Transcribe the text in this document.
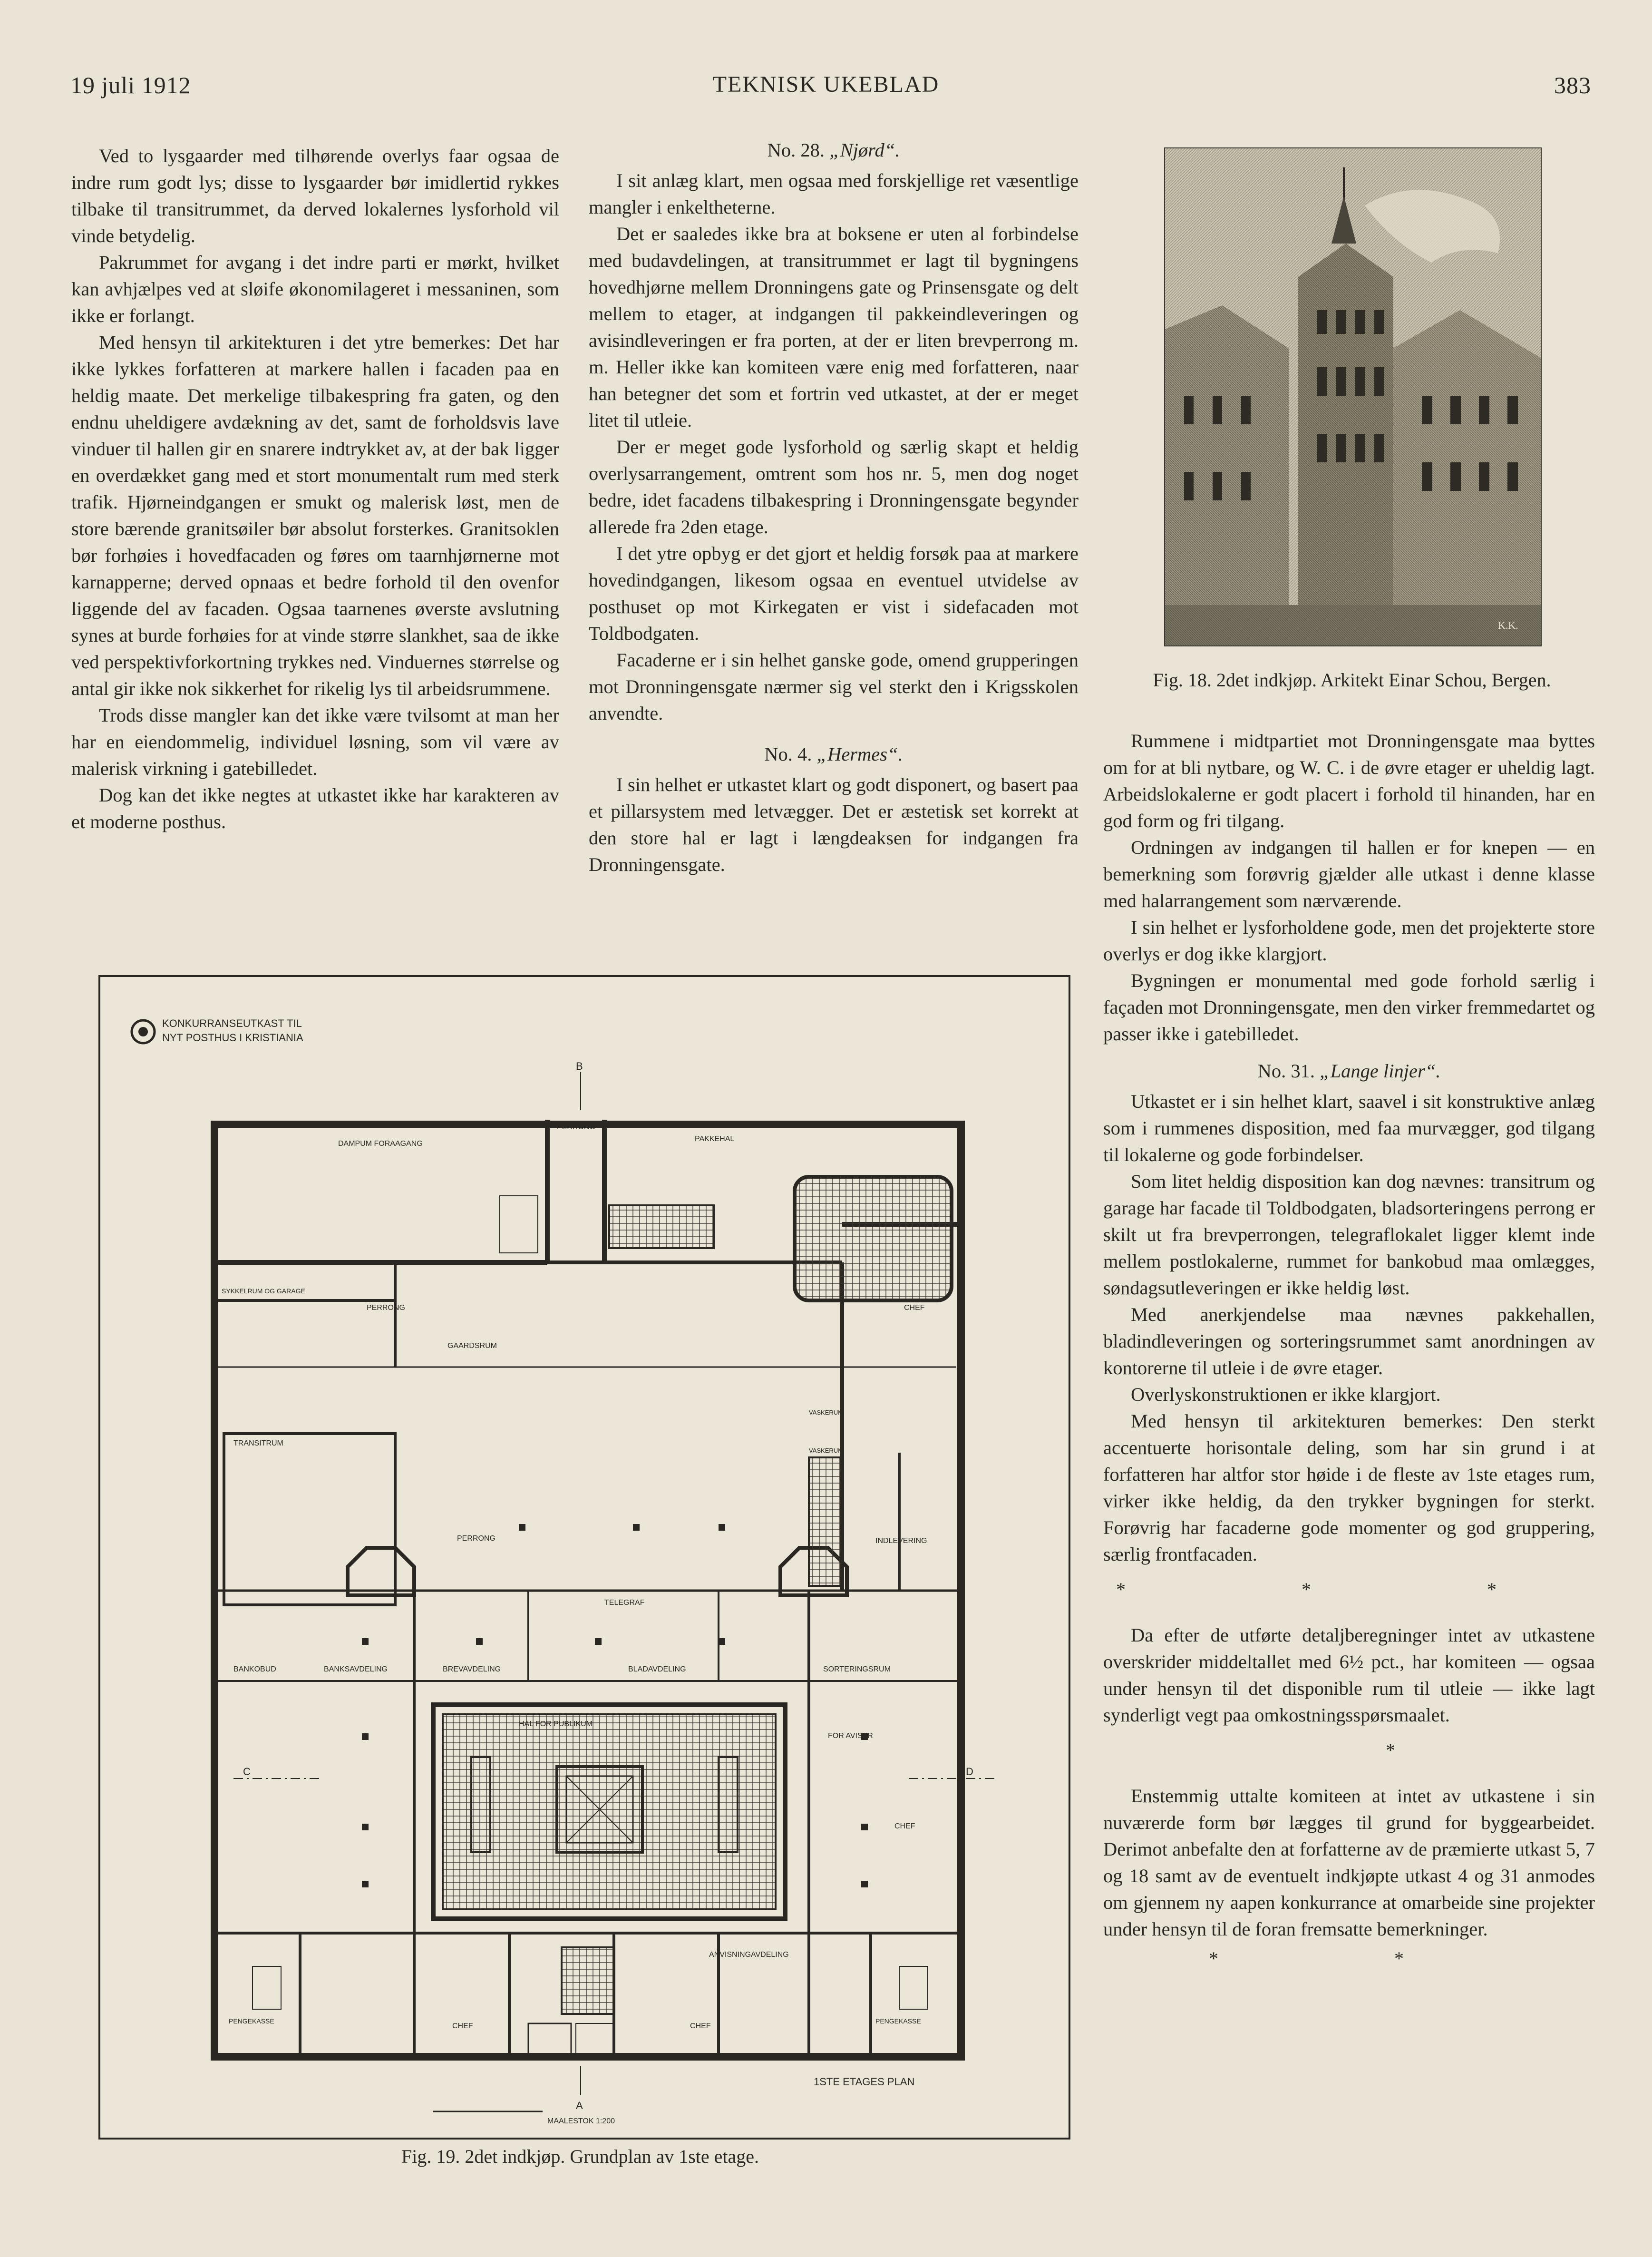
19 juli 1912	TEKNISK UKEBLAD	383

Ved to lysgaarder med tilhørende overlys faar ogsaa de indre rum godt lys; disse to lysgaarder bør imidlertid rykkes tilbake til transitrummet, da derved lokalernes lysforhold vil vinde betydelig.

Pakrummet for avgang i det indre parti er mørkt, hvilket kan avhjælpes ved at sløife økonomilageret i messaninen, som ikke er forlangt.

Med hensyn til arkitekturen i det ytre bemerkes: Det har ikke lykkes forfatteren at markere hallen i facaden paa en heldig maate. Det merkelige tilbakespring fra gaten, og den endnu uheldigere avdækning av det, samt de forholdsvis lave vinduer til hallen gir en snarere indtrykket av, at der bak ligger en overdækket gang med et stort monumentalt rum med sterk trafik. Hjørneindgangen er smukt og malerisk løst, men de store bærende granitsøiler bør absolut forsterkes. Granitsoklen bør forhøies i hovedfacaden og føres om taarnhjørnerne mot karnapperne; derved opnaas et bedre forhold til den ovenfor liggende del av facaden. Ogsaa taarnenes øverste avslutning synes at burde forhøies for at vinde større slankhet, saa de ikke ved perspektivforkortning trykkes ned. Vinduernes størrelse og antal gir ikke nok sikkerhet for rikelig lys til arbeidsrummene.

Trods disse mangler kan det ikke være tvilsomt at man her har en eiendommelig, individuel løsning, som vil være av malerisk virkning i gatebilledet.

Dog kan det ikke negtes at utkastet ikke har karakteren av et moderne posthus.

No. 28. „Njørd“.

I sit anlæg klart, men ogsaa med forskjellige ret væsentlige mangler i enkeltheterne.

Det er saaledes ikke bra at boksene er uten al forbindelse med budavdelingen, at transitrummet er lagt til bygningens hovedhjørne mellem Dronningens gate og Prinsensgate og delt mellem to etager, at indgangen til pakkeindleveringen og avisindleveringen er fra porten, at der er liten brevperrong m. m. Heller ikke kan komiteen være enig med forfatteren, naar han betegner det som et fortrin ved utkastet, at der er meget litet til utleie.

Der er meget gode lysforhold og særlig skapt et heldig overlysarrangement, omtrent som hos nr. 5, men dog noget bedre, idet facadens tilbakespring i Dronningensgate begynder allerede fra 2den etage.

I det ytre opbyg er det gjort et heldig forsøk paa at markere hovedindgangen, likesom ogsaa en eventuel utvidelse av posthuset op mot Kirkegaten er vist i sidefacaden mot Toldbodgaten.

Facaderne er i sin helhet ganske gode, omend grupperingen mot Dronningensgate nærmer sig vel sterkt den i Krigsskolen anvendte.

No. 4. „Hermes“.

I sin helhet er utkastet klart og godt disponert, og basert paa et pillarsystem med letvægger. Det er æstetisk set korrekt at den store hal er lagt i længdeaksen for indgangen fra Dronningensgate.

K.K.
Fig. 18. 2det indkjøp. Arkitekt Einar Schou, Bergen.

Rummene i midtpartiet mot Dronningensgate maa byttes om for at bli nytbare, og W. C. i de øvre etager er uheldig lagt. Arbeidslokalerne er godt placert i forhold til hinanden, har en god form og fri tilgang.

Ordningen av indgangen til hallen er for knepen — en bemerkning som forøvrig gjælder alle utkast i denne klasse med halarrangement som nærværende.

I sin helhet er lysforholdene gode, men det projekterte store overlys er dog ikke klargjort.

Bygningen er monumental med gode forhold særlig i façaden mot Dronningensgate, men den virker fremmedartet og passer ikke i gatebilledet.

No. 31. „Lange linjer“.

Utkastet er i sin helhet klart, saavel i sit konstruktive anlæg som i rummenes disposition, med faa murvægger, god tilgang til lokalerne og gode forbindelser.

Som litet heldig disposition kan dog nævnes: transitrum og garage har facade til Toldbodgaten, bladsorteringens perrong er skilt ut fra brevperrongen, telegraflokalet ligger klemt inde mellem postlokalerne, rummet for bankobud maa omlægges, søndagsutleveringen er ikke heldig løst.

Med anerkjendelse maa nævnes pakkehallen, bladindleveringen og sorteringsrummet samt anordningen av kontorerne til utleie i de øvre etager.

Overlyskonstruktionen er ikke klargjort.

Med hensyn til arkitekturen bemerkes: Den sterkt accentuerte horisontale deling, som har sin grund i at forfatteren har altfor stor høide i de fleste av 1ste etages rum, virker ikke heldig, da den trykker bygningen for sterkt. Forøvrig har facaderne gode momenter og god gruppering, særlig frontfacaden.

* * *

Da efter de utførte detaljberegninger intet av utkastene overskrider middeltallet med 6½ pct., har komiteen — ogsaa under hensyn til det disponible rum til utleie — ikke lagt synderligt vegt paa omkostningsspørsmaalet.

*

Enstemmig uttalte komiteen at intet av utkastene i sin nuværerde form bør lægges til grund for byggearbeidet. Derimot anbefalte den at forfatterne av de præmierte utkast 5, 7 og 18 samt av de eventuelt indkjøpte utkast 4 og 31 anmodes om gjennem ny aapen konkurrance at omarbeide sine projekter under hensyn til de foran fremsatte bemerkninger.

* *
KONKURRANSEUTKAST TIL
NYT POSTHUS I KRISTIANIA
DAMPUM FORAAGANG
PAKKEHAL
PERRONG
SYKKELRUM OG GARAGE
PERRONG
GAARDSRUM
CHEF
TRANSITRUM
PERRONG
VASKERUM
VASKERUM
INDLEVERING
TELEGRAF
BANKOBUD	BANKSAVDELING	BREVAVDELING	BLADAVDELING	SORTERINGSRUM
FOR AVISER
HAL FOR PUBLIKUM
CHEF
ANVISNINGAVDELING
CHEF	CHEF
PENGEKASSE	PENGEKASSE
C	D
B
A
1STE ETAGES PLAN
MAALESTOK 1:200
Fig. 19. 2det indkjøp. Grundplan av 1ste etage.
